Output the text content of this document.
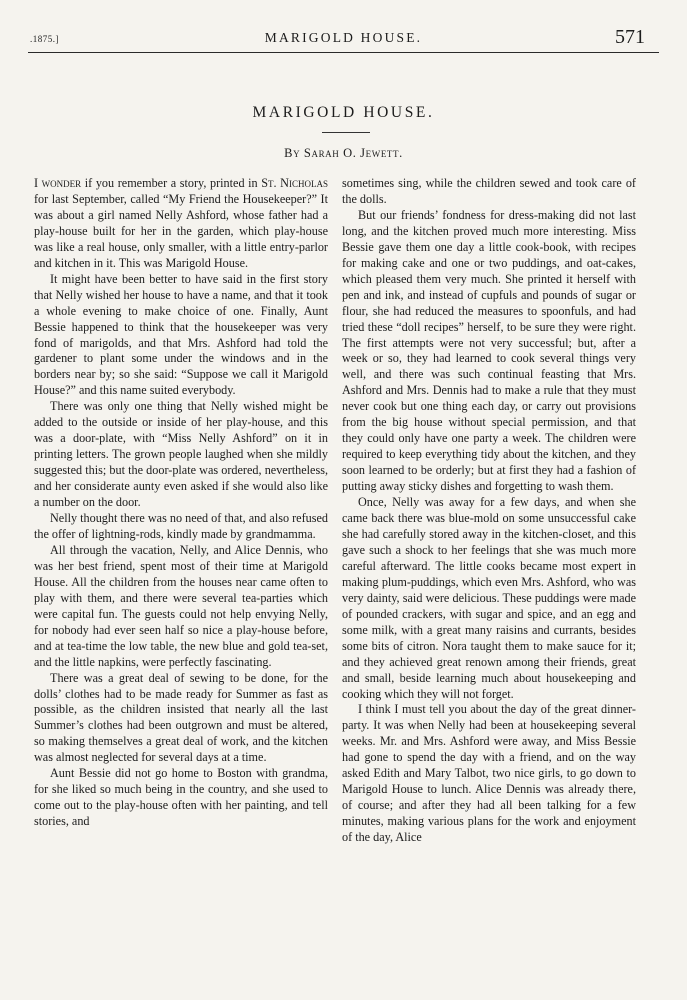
.1875.]	MARIGOLD HOUSE.	571
MARIGOLD HOUSE.
By Sarah O. Jewett.

I wonder if you remember a story, printed in St. Nicholas for last September, called “My Friend the Housekeeper?” It was about a girl named Nelly Ashford, whose father had a play-house built for her in the garden, which play-house was like a real house, only smaller, with a little entry-parlor and kitchen in it. This was Marigold House.

It might have been better to have said in the first story that Nelly wished her house to have a name, and that it took a whole evening to make choice of one. Finally, Aunt Bessie happened to think that the housekeeper was very fond of marigolds, and that Mrs. Ashford had told the gardener to plant some under the windows and in the borders near by; so she said: “Suppose we call it Marigold House?” and this name suited everybody.

There was only one thing that Nelly wished might be added to the outside or inside of her play-house, and this was a door-plate, with “Miss Nelly Ashford” on it in printing letters. The grown people laughed when she mildly suggested this; but the door-plate was ordered, nevertheless, and her considerate aunty even asked if she would also like a number on the door.

Nelly thought there was no need of that, and also refused the offer of lightning-rods, kindly made by grandmamma.

All through the vacation, Nelly, and Alice Dennis, who was her best friend, spent most of their time at Marigold House. All the children from the houses near came often to play with them, and there were several tea-parties which were capital fun. The guests could not help envying Nelly, for nobody had ever seen half so nice a play-house before, and at tea-time the low table, the new blue and gold tea-set, and the little napkins, were perfectly fascinating.

There was a great deal of sewing to be done, for the dolls’ clothes had to be made ready for Summer as fast as possible, as the children insisted that nearly all the last Summer’s clothes had been outgrown and must be altered, so making themselves a great deal of work, and the kitchen was almost neglected for several days at a time.

Aunt Bessie did not go home to Boston with grandma, for she liked so much being in the country, and she used to come out to the play-house often with her painting, and tell stories, and

sometimes sing, while the children sewed and took care of the dolls.

But our friends’ fondness for dress-making did not last long, and the kitchen proved much more interesting. Miss Bessie gave them one day a little cook-book, with recipes for making cake and one or two puddings, and oat-cakes, which pleased them very much. She printed it herself with pen and ink, and instead of cupfuls and pounds of sugar or flour, she had reduced the measures to spoonfuls, and had tried these “doll recipes” herself, to be sure they were right. The first attempts were not very successful; but, after a week or so, they had learned to cook several things very well, and there was such continual feasting that Mrs. Ashford and Mrs. Dennis had to make a rule that they must never cook but one thing each day, or carry out provisions from the big house without special permission, and that they could only have one party a week. The children were required to keep everything tidy about the kitchen, and they soon learned to be orderly; but at first they had a fashion of putting away sticky dishes and forgetting to wash them.

Once, Nelly was away for a few days, and when she came back there was blue-mold on some unsuccessful cake she had carefully stored away in the kitchen-closet, and this gave such a shock to her feelings that she was much more careful afterward. The little cooks became most expert in making plum-puddings, which even Mrs. Ashford, who was very dainty, said were delicious. These puddings were made of pounded crackers, with sugar and spice, and an egg and some milk, with a great many raisins and currants, besides some bits of citron. Nora taught them to make sauce for it; and they achieved great renown among their friends, great and small, beside learning much about housekeeping and cooking which they will not forget.

I think I must tell you about the day of the great dinner-party. It was when Nelly had been at housekeeping several weeks. Mr. and Mrs. Ashford were away, and Miss Bessie had gone to spend the day with a friend, and on the way asked Edith and Mary Talbot, two nice girls, to go down to Marigold House to lunch. Alice Dennis was already there, of course; and after they had all been talking for a few minutes, making various plans for the work and enjoyment of the day, Alice
